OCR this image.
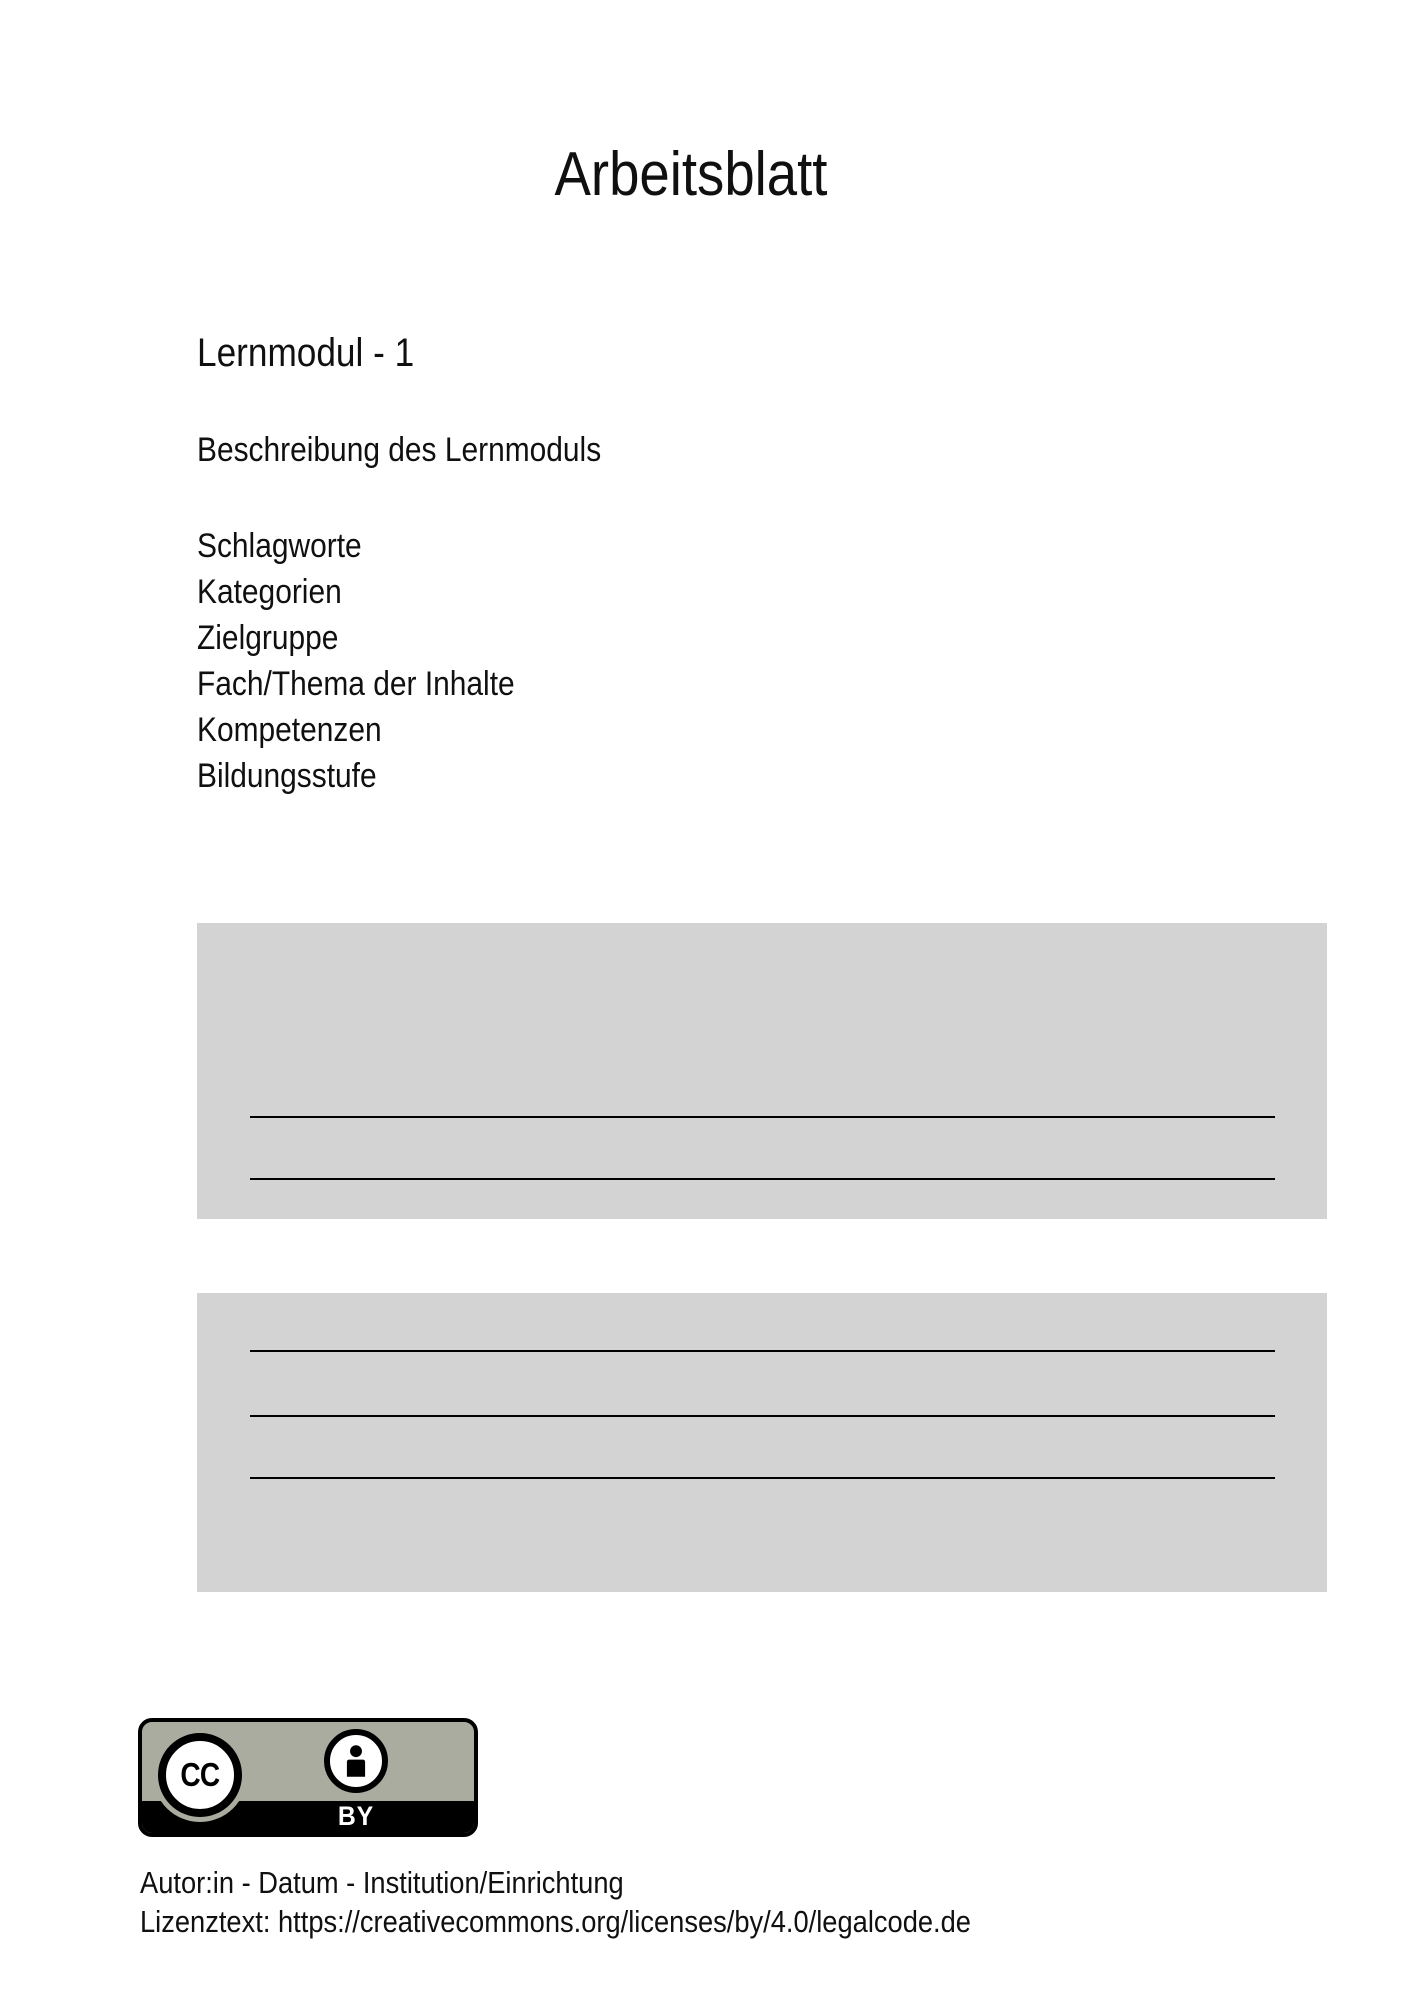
Arbeitsblatt
Lernmodul - 1
Beschreibung des Lernmoduls
Schlagworte
Kategorien
Zielgruppe
Fach/Thema der Inhalte
Kompetenzen
Bildungsstufe
CC
BY
Autor:in - Datum - Institution/Einrichtung
Lizenztext: https://creativecommons.org/licenses/by/4.0/legalcode.de
